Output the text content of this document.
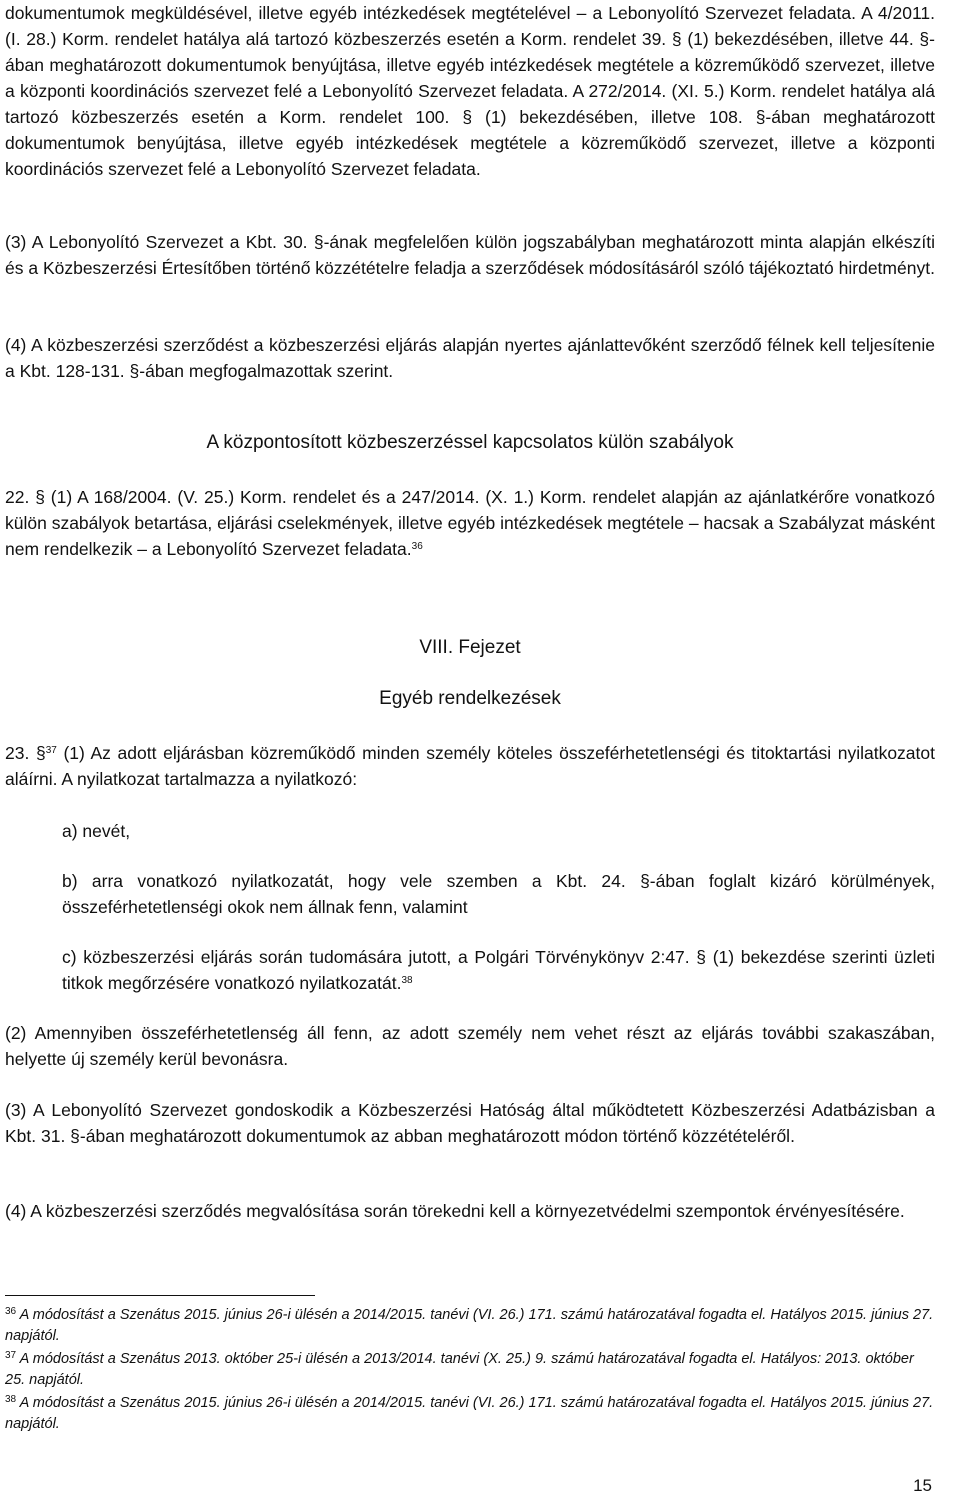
dokumentumok megküldésével, illetve egyéb intézkedések megtételével – a Lebonyolító Szervezet feladata. A 4/2011. (I. 28.) Korm. rendelet hatálya alá tartozó közbeszerzés esetén a Korm. rendelet 39. § (1) bekezdésében, illetve 44. §-ában meghatározott dokumentumok benyújtása, illetve egyéb intézkedések megtétele a közreműködő szervezet, illetve a központi koordinációs szervezet felé a Lebonyolító Szervezet feladata. A 272/2014. (XI. 5.) Korm. rendelet hatálya alá tartozó közbeszerzés esetén a Korm. rendelet 100. § (1) bekezdésében, illetve 108. §-ában meghatározott dokumentumok benyújtása, illetve egyéb intézkedések megtétele a közreműködő szervezet, illetve a központi koordinációs szervezet felé a Lebonyolító Szervezet feladata.

(3) A Lebonyolító Szervezet a Kbt. 30. §-ának megfelelően külön jogszabályban meghatározott minta alapján elkészíti és a Közbeszerzési Értesítőben történő közzétételre feladja a szerződések módosításáról szóló tájékoztató hirdetményt.

(4) A közbeszerzési szerződést a közbeszerzési eljárás alapján nyertes ajánlattevőként szerződő félnek kell teljesítenie a Kbt. 128-131. §-ában megfogalmazottak szerint.

A központosított közbeszerzéssel kapcsolatos külön szabályok

22. § (1) A 168/2004. (V. 25.) Korm. rendelet és a 247/2014. (X. 1.) Korm. rendelet alapján az ajánlatkérőre vonatkozó külön szabályok betartása, eljárási cselekmények, illetve egyéb intézkedések megtétele – hacsak a Szabályzat másként nem rendelkezik – a Lebonyolító Szervezet feladata.$^{36}$

VIII. Fejezet

Egyéb rendelkezések

23. §$^{37}$ (1) Az adott eljárásban közreműködő minden személy köteles összeférhetetlenségi és titoktartási nyilatkozatot aláírni. A nyilatkozat tartalmazza a nyilatkozó:

a) nevét,

b) arra vonatkozó nyilatkozatát, hogy vele szemben a Kbt. 24. §-ában foglalt kizáró körülmények, összeférhetetlenségi okok nem állnak fenn, valamint

c) közbeszerzési eljárás során tudomására jutott, a Polgári Törvénykönyv 2:47. § (1) bekezdése szerinti üzleti titkok megőrzésére vonatkozó nyilatkozatát.$^{38}$

(2) Amennyiben összeférhetetlenség áll fenn, az adott személy nem vehet részt az eljárás további szakaszában, helyette új személy kerül bevonásra.

(3) A Lebonyolító Szervezet gondoskodik a Közbeszerzési Hatóság által működtetett Közbeszerzési Adatbázisban a Kbt. 31. §-ában meghatározott dokumentumok az abban meghatározott módon történő közzétételéről.

(4) A közbeszerzési szerződés megvalósítása során törekedni kell a környezetvédelmi szempontok érvényesítésére.

$^{36}$ A módosítást a Szenátus 2015. június 26-i ülésén a 2014/2015. tanévi (VI. 26.) 171. számú határozatával fogadta el. Hatályos 2015. június 27. napjától.

$^{37}$ A módosítást a Szenátus 2013. október 25-i ülésén a 2013/2014. tanévi (X. 25.) 9. számú határozatával fogadta el. Hatályos: 2013. október 25. napjától.

$^{38}$ A módosítást a Szenátus 2015. június 26-i ülésén a 2014/2015. tanévi (VI. 26.) 171. számú határozatával fogadta el. Hatályos 2015. június 27. napjától.

15
